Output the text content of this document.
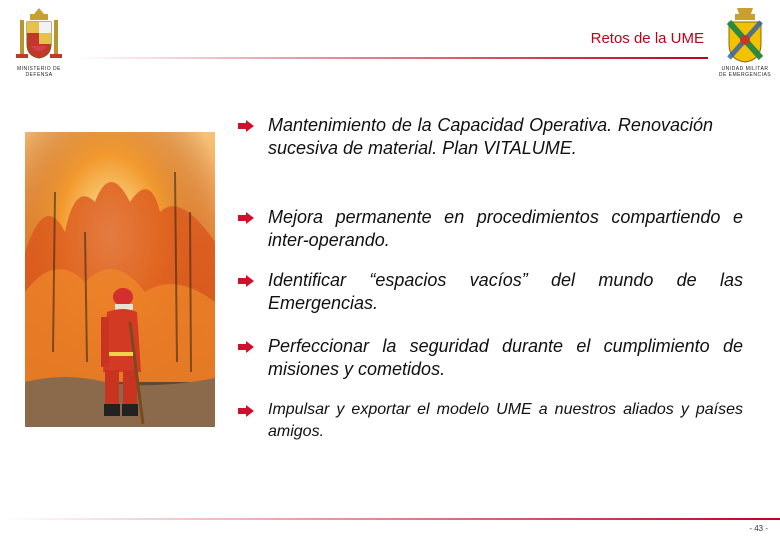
MINISTERIO DE
DEFENSA
Retos de la UME
UNIDAD MILITAR
DE EMERGENCIAS
Mantenimiento de la Capacidad Operativa. Renovación sucesiva de material. Plan VITALUME.
Mejora permanente en procedimientos compartiendo e inter-operando.
Identificar “espacios vacíos” del mundo de las Emergencias.
Perfeccionar la seguridad durante el cumplimiento de misiones y cometidos.
Impulsar y exportar el modelo UME a nuestros aliados y países amigos.
- 43 -
